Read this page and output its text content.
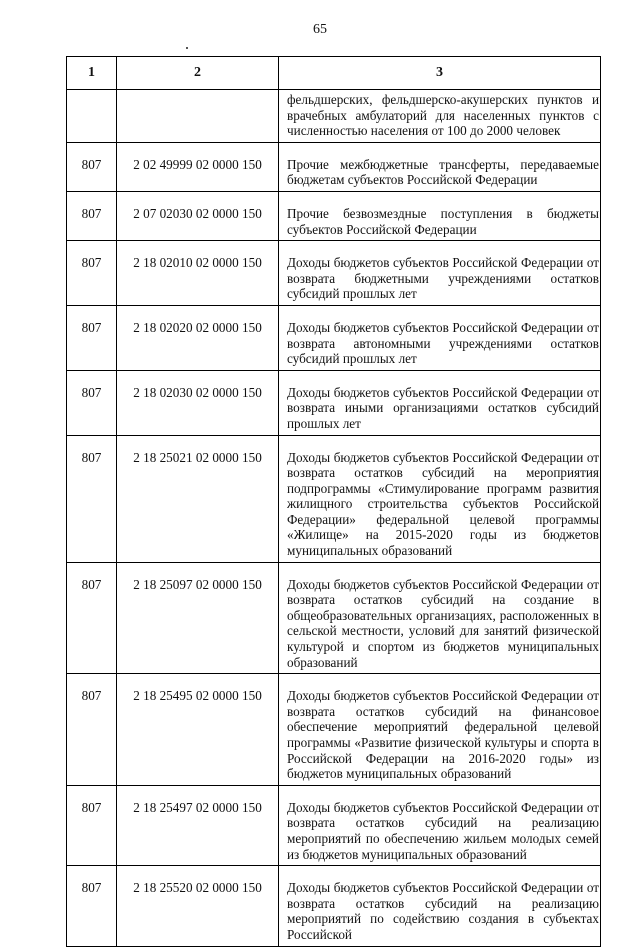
65
1	2	3
		фельдшерских, фельдшерско-акушерских пунктов и врачебных амбулаторий для населенных пунктов с численностью населения от 100 до 2000 человек
807	2 02 49999 02 0000 150	Прочие межбюджетные трансферты, передаваемые бюджетам субъектов Российской Федерации
807	2 07 02030 02 0000 150	Прочие безвозмездные поступления в бюджеты субъектов Российской Федерации
807	2 18 02010 02 0000 150	Доходы бюджетов субъектов Российской Федерации от возврата бюджетными учреждениями остатков субсидий прошлых лет
807	2 18 02020 02 0000 150	Доходы бюджетов субъектов Российской Федерации от возврата автономными учреждениями остатков субсидий прошлых лет
807	2 18 02030 02 0000 150	Доходы бюджетов субъектов Российской Федерации от возврата иными организациями остатков субсидий прошлых лет
807	2 18 25021 02 0000 150	Доходы бюджетов субъектов Российской Федерации от возврата остатков субсидий на мероприятия подпрограммы «Стимулирование программ развития жилищного строительства субъектов Российской Федерации» федеральной целевой программы «Жилище» на 2015-2020 годы из бюджетов муниципальных образований
807	2 18 25097 02 0000 150	Доходы бюджетов субъектов Российской Федерации от возврата остатков субсидий на создание в общеобразовательных организациях, расположенных в сельской местности, условий для занятий физической культурой и спортом из бюджетов муниципальных образований
807	2 18 25495 02 0000 150	Доходы бюджетов субъектов Российской Федерации от возврата остатков субсидий на финансовое обеспечение мероприятий федеральной целевой программы «Развитие физической культуры и спорта в Российской Федерации на 2016-2020 годы» из бюджетов муниципальных образований
807	2 18 25497 02 0000 150	Доходы бюджетов субъектов Российской Федерации от возврата остатков субсидий на реализацию мероприятий по обеспечению жильем молодых семей из бюджетов муниципальных образований
807	2 18 25520 02 0000 150	Доходы бюджетов субъектов Российской Федерации от возврата остатков субсидий на реализацию мероприятий по содействию создания в субъектах Российской
